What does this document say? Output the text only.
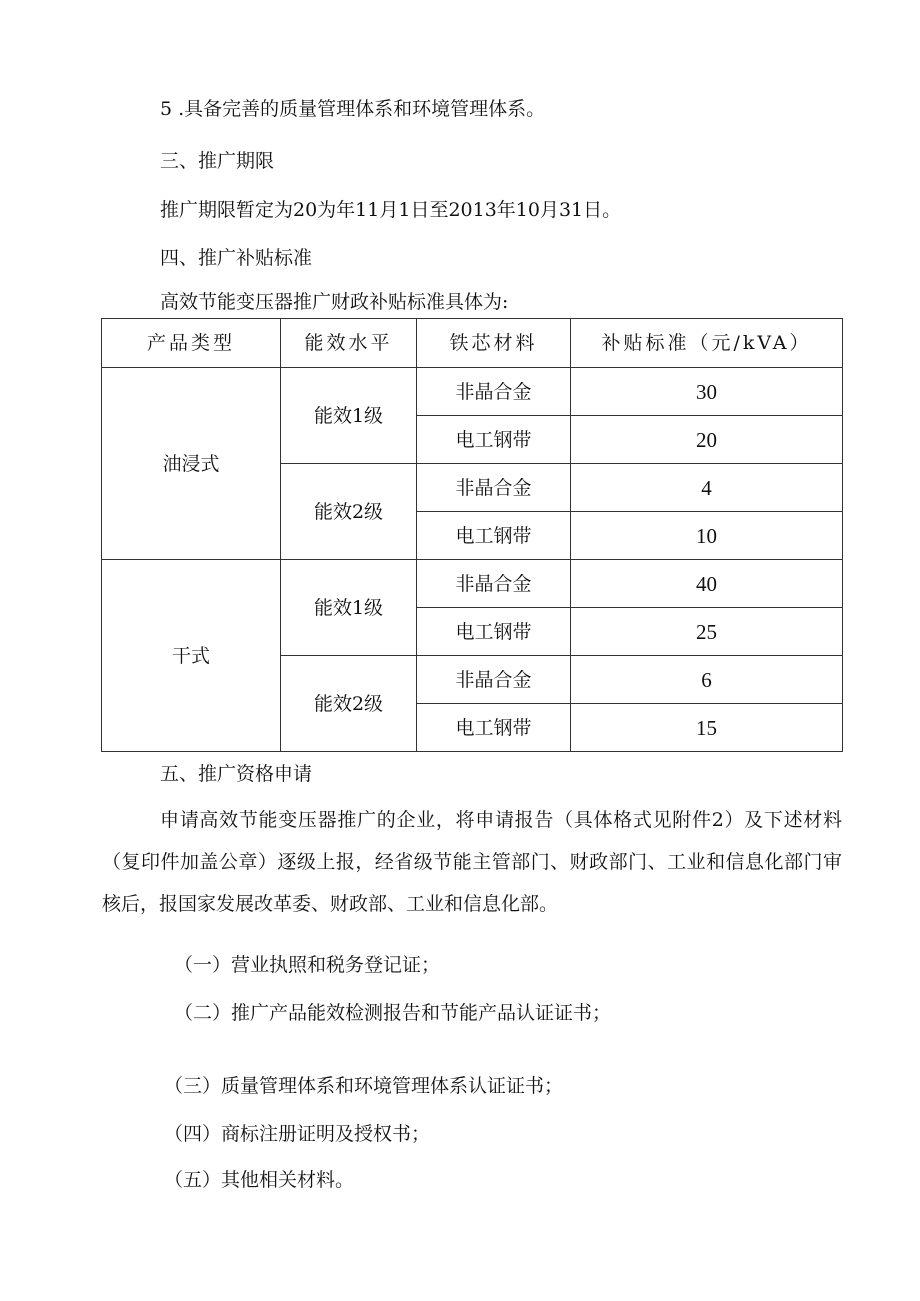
5 .具备完善的质量管理体系和环境管理体系。
三、推广期限
推广期限暂定为20为年11月1日至2013年10月31日。
四、推广补贴标准
高效节能变压器推广财政补贴标准具体为:
产品类型	能效水平	铁芯材料	补贴标准（元/kVA）
油浸式	能效1级	非晶合金	30
		电工钢带	20
	能效2级	非晶合金	4
		电工钢带	10
干式	能效1级	非晶合金	40
		电工钢带	25
	能效2级	非晶合金	6
		电工钢带	15
五、推广资格申请
申请高效节能变压器推广的企业，将申请报告（具体格式见附件2）及下述材料（复印件加盖公章）逐级上报，经省级节能主管部门、财政部门、工业和信息化部门审核后，报国家发展改革委、财政部、工业和信息化部。
（一）营业执照和税务登记证；
（二）推广产品能效检测报告和节能产品认证证书；
（三）质量管理体系和环境管理体系认证证书；
（四）商标注册证明及授权书；
（五）其他相关材料。
